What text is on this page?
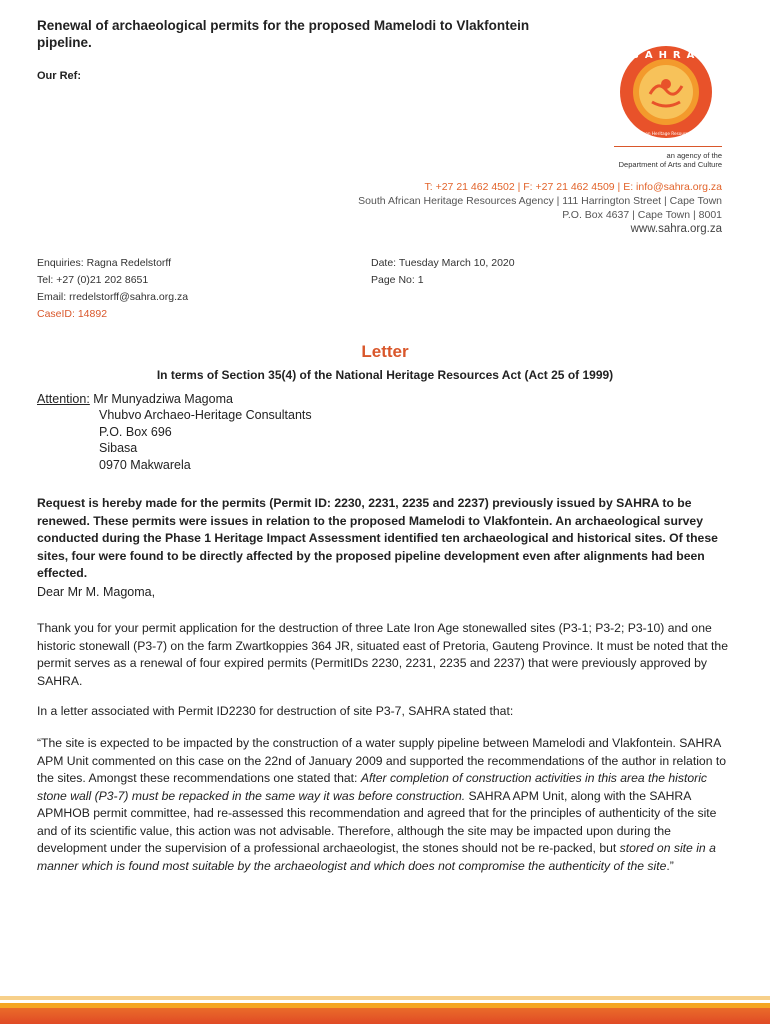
Renewal of archaeological permits for the proposed Mamelodi to Vlakfontein pipeline.
Our Ref:
SAHRA
South African Heritage Resources Agency
an agency of the
Department of Arts and Culture
T: +27 21 462 4502 | F: +27 21 462 4509 | E: info@sahra.org.za
South African Heritage Resources Agency | 111 Harrington Street | Cape Town
P.O. Box 4637 | Cape Town | 8001
www.sahra.org.za
Enquiries: Ragna Redelstorff
Tel: +27 (0)21 202 8651
Email: rredelstorff@sahra.org.za
CaseID: 14892
Date: Tuesday March 10, 2020
Page No: 1
Letter
In terms of Section 35(4) of the National Heritage Resources Act (Act 25 of 1999)
Attention: Mr Munyadziwa Magoma
Vhubvo Archaeo-Heritage Consultants
P.O. Box 696
Sibasa
0970 Makwarela
Request is hereby made for the permits (Permit ID: 2230, 2231, 2235 and 2237) previously issued by SAHRA to be renewed. These permits were issues in relation to the proposed Mamelodi to Vlakfontein. An archaeological survey conducted during the Phase 1 Heritage Impact Assessment identified ten archaeological and historical sites. Of these sites, four were found to be directly affected by the proposed pipeline development even after alignments had been effected.
Dear Mr M. Magoma,
Thank you for your permit application for the destruction of three Late Iron Age stonewalled sites (P3-1; P3-2; P3-10) and one historic stonewall (P3-7) on the farm Zwartkoppies 364 JR, situated east of Pretoria, Gauteng Province. It must be noted that the permit serves as a renewal of four expired permits (PermitIDs 2230, 2231, 2235 and 2237) that were previously approved by SAHRA.
In a letter associated with Permit ID2230 for destruction of site P3-7, SAHRA stated that:
“The site is expected to be impacted by the construction of a water supply pipeline between Mamelodi and Vlakfontein. SAHRA APM Unit commented on this case on the 22nd of January 2009 and supported the recommendations of the author in relation to the sites. Amongst these recommendations one stated that: After completion of construction activities in this area the historic stone wall (P3-7) must be repacked in the same way it was before construction. SAHRA APM Unit, along with the SAHRA APMHOB permit committee, had re-assessed this recommendation and agreed that for the principles of authenticity of the site and of its scientific value, this action was not advisable. Therefore, although the site may be impacted upon during the development under the supervision of a professional archaeologist, the stones should not be re-packed, but stored on site in a manner which is found most suitable by the archaeologist and which does not compromise the authenticity of the site.”
